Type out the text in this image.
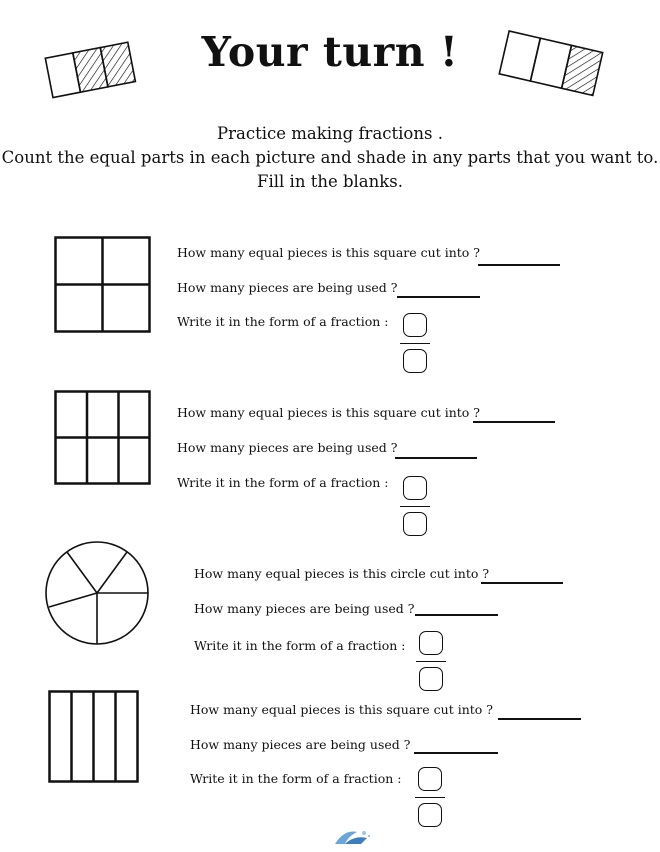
Your turn !
Practice making fractions .
Count the equal parts in each picture and shade in any parts that you want to.
Fill in the blanks.
How many equal pieces is this square cut into ?
How many pieces are being used ?
Write it in the form of a fraction :
How many equal pieces is this square cut into ?
How many pieces are being used ?
Write it in the form of a fraction :
How many equal pieces is this circle cut into ?
How many pieces are being used ?
Write it in the form of a fraction :
How many equal pieces is this square cut into ?
How many pieces are being used ?
Write it in the form of a fraction :
